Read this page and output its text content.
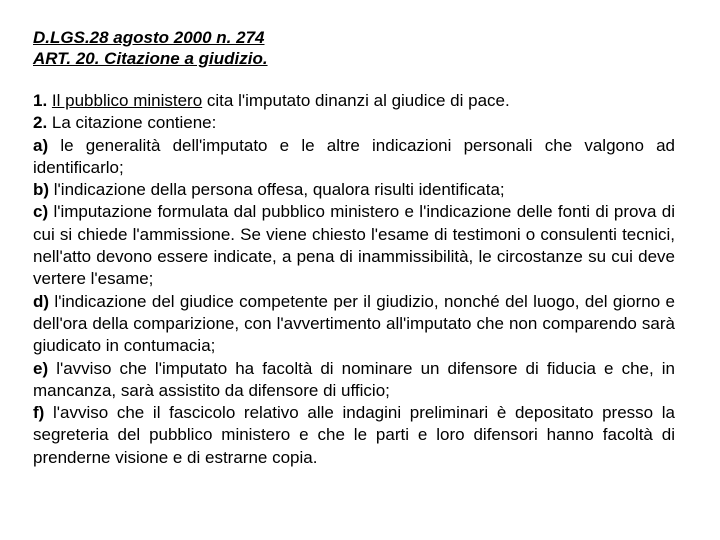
D.LGS.28 agosto 2000 n. 274
ART. 20. Citazione a giudizio.

1. Il pubblico ministero cita l'imputato dinanzi al giudice di pace.

2. La citazione contiene:

a) le generalità dell'imputato e le altre indicazioni personali che valgono ad identificarlo;

b) l'indicazione della persona offesa, qualora risulti identificata;

c) l'imputazione formulata dal pubblico ministero e l'indicazione delle fonti di prova di cui si chiede l'ammissione. Se viene chiesto l'esame di testimoni o consulenti tecnici, nell'atto devono essere indicate, a pena di inammissibilità, le circostanze su cui deve vertere l'esame;

d) l'indicazione del giudice competente per il giudizio, nonché del luogo, del giorno e dell'ora della comparizione, con l'avvertimento all'imputato che non comparendo sarà giudicato in contumacia;

e) l'avviso che l'imputato ha facoltà di nominare un difensore di fiducia e che, in mancanza, sarà assistito da difensore di ufficio;

f) l'avviso che il fascicolo relativo alle indagini preliminari è depositato presso la segreteria del pubblico ministero e che le parti e loro difensori hanno facoltà di prenderne visione e di estrarne copia.
